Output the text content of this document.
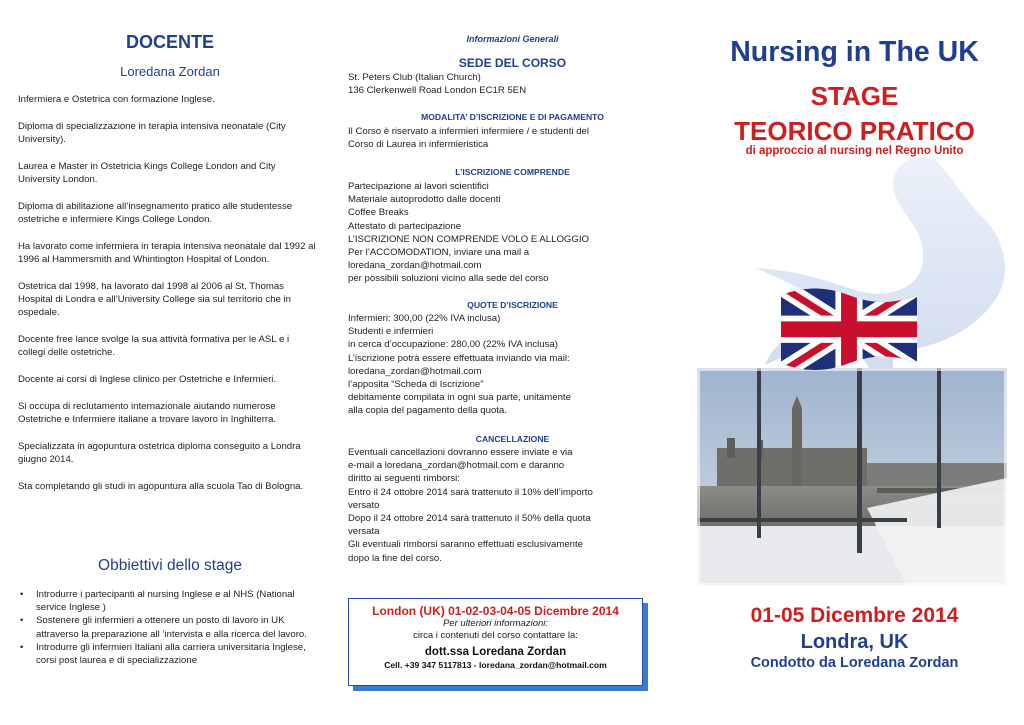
DOCENTE
Loredana Zordan

Infermiera e Ostetrica con formazione Inglese.

Diploma di specializzazione in terapia intensiva neonatale (City University).

Laurea e Master in Ostetricia Kings College London and City University London.

Diploma di abilitazione all’insegnamento pratico alle studentesse ostetriche e infermiere Kings College London.

Ha lavorato come infermiera in terapia intensiva neonatale dal 1992 al 1996 al Hammersmith and Whintington Hospital of London.

Ostetrica dal 1998, ha lavorato dal 1998 al 2006 al St. Thomas Hospital di Londra e all’University College sia sul territorio che in ospedale.

Docente free lance svolge la sua attività formativa per le ASL e i collegi delle ostetriche.

Docente ai corsi di Inglese clinico per Ostetriche e Infermieri.

Si occupa di reclutamento internazionale aiutando numerose Ostetriche e Infermiere italiane a trovare lavoro in Inghilterra.

Specializzata in agopuntura ostetrica diploma conseguito a Londra giugno 2014.

Sta completando gli studi in agopuntura alla scuola Tao di Bologna.

Obbiettivi dello stage
• Introdurre i partecipanti al nursing Inglese e al NHS (National service Inglese )
• Sostenere gli infermieri a ottenere un posto di lavoro in UK attraverso la preparazione all ’intervista e alla ricerca del lavoro.
• Introdurre gli infermieri Italiani alla carriera universitaria Inglese, corsi post laurea e di specializzazione
Informazioni Generali
SEDE DEL CORSO
St. Peters Club (Italian Church)
136 Clerkenwell Road London EC1R 5EN
MODALITA’ D’ISCRIZIONE E DI PAGAMENTO
Il Corso è riservato a infermieri infermiere / e studenti del
Corso di Laurea in infermieristica
L’ISCRIZIONE COMPRENDE
Partecipazione ai lavori scientifici
Materiale autoprodotto dalle docenti
Coffee Breaks
Attestato di partecipazione
L’ISCRIZIONE NON COMPRENDE VOLO E ALLOGGIO
Per l’ACCOMODATION, inviare una mail a
loredana_zordan@hotmail.com
per possibili soluzioni vicino alla sede del corso
QUOTE D’ISCRIZIONE
Infermieri: 300,00 (22% IVA inclusa)
Studenti e infermieri
in cerca d’occupazione: 280,00 (22% IVA inclusa)
L’iscrizione potrà essere effettuata inviando via mail:
loredana_zordan@hotmail.com
l’apposita “Scheda di Iscrizione”
debitamente compilata in ogni sua parte, unitamente
alla copia del pagamento della quota.
CANCELLAZIONE
Eventuali cancellazioni dovranno essere inviate e via
e-mail a loredana_zordan@hotmail.com e daranno
diritto ai seguenti rimborsi:
Entro il 24 ottobre 2014 sarà trattenuto il 10% dell’importo
versato
Dopo il 24 ottobre 2014 sarà trattenuto il 50% della quota
versata
Gli eventuali rimborsi saranno effettuati esclusivamente
dopo la fine del corso.
London (UK) 01-02-03-04-05 Dicembre 2014
Per ulteriori informazioni:
circa i contenuti del corso contattare la:
dott.ssa Loredana Zordan
Cell. +39 347 5117813 - loredana_zordan@hotmail.com
Nursing in The UK
STAGE
TEORICO PRATICO
di approccio al nursing nel Regno Unito
01-05 Dicembre 2014
Londra, UK
Condotto da Loredana Zordan
